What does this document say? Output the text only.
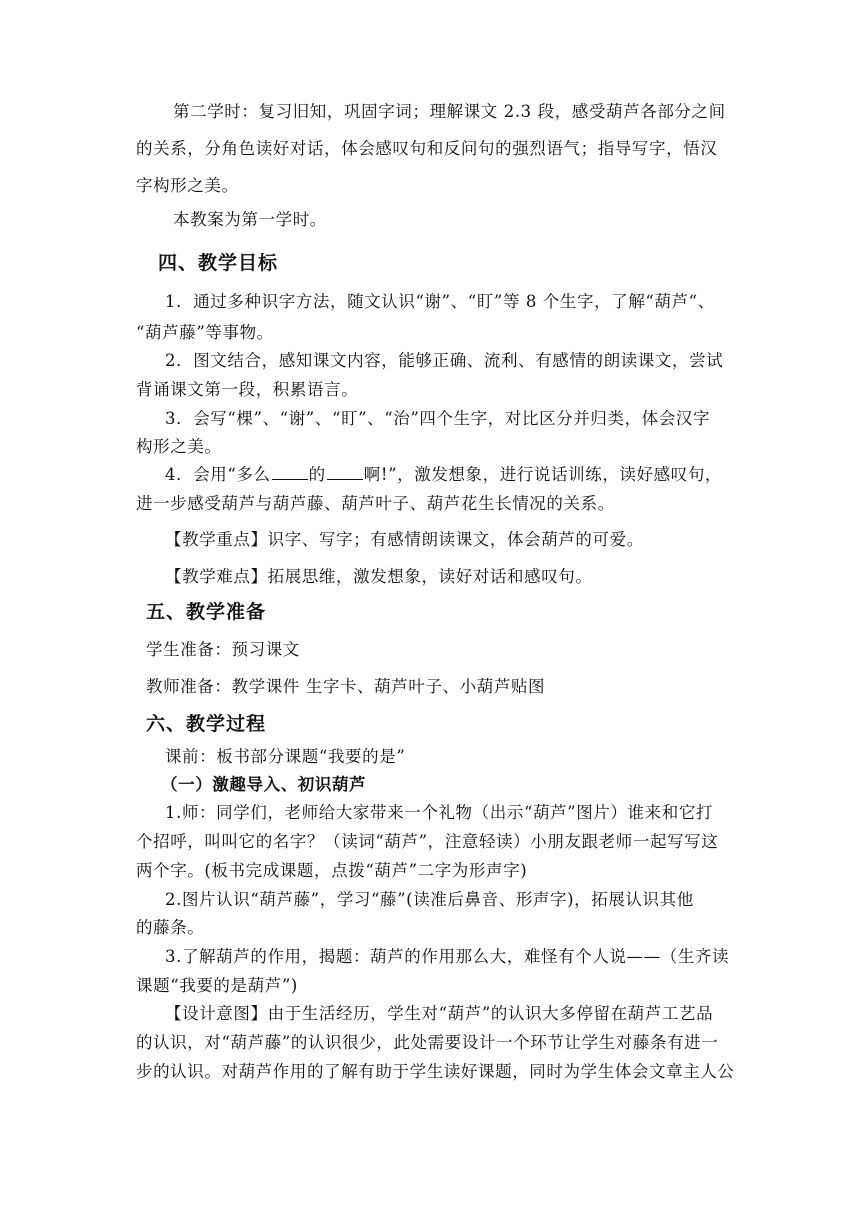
第二学时：复习旧知，巩固字词；理解课文 2.3 段，感受葫芦各部分之间
的关系，分角色读好对话，体会感叹句和反问句的强烈语气；指导写字，悟汉
字构形之美。
本教案为第一学时。
四、教学目标
1．通过多种识字方法，随文认识“谢”、“盯”等 8 个生字，了解“葫芦“、
“葫芦藤”等事物。
2．图文结合，感知课文内容，能够正确、流利、有感情的朗读课文，尝试
背诵课文第一段，积累语言。
3．会写“棵”、“谢”、“盯”、“治”四个生字，对比区分并归类，体会汉字
构形之美。
4．会用“多么 的 啊!”，激发想象，进行说话训练，读好感叹句，
进一步感受葫芦与葫芦藤、葫芦叶子、葫芦花生长情况的关系。
【教学重点】识字、写字；有感情朗读课文，体会葫芦的可爱。
【教学难点】拓展思维，激发想象，读好对话和感叹句。
五、教学准备
学生准备：预习课文
教师准备：教学课件 生字卡、葫芦叶子、小葫芦贴图
六、教学过程
课前：板书部分课题“我要的是”
（一）激趣导入、初识葫芦
1.师：同学们，老师给大家带来一个礼物（出示“葫芦”图片）谁来和它打
个招呼，叫叫它的名字？（读词“葫芦”，注意轻读）小朋友跟老师一起写写这
两个字。(板书完成课题，点拨“葫芦”二字为形声字)
2.图片认识“葫芦藤”，学习“藤”(读准后鼻音、形声字)，拓展认识其他
的藤条。
3.了解葫芦的作用，揭题：葫芦的作用那么大，难怪有个人说——（生齐读
课题“我要的是葫芦”)
【设计意图】由于生活经历，学生对“葫芦”的认识大多停留在葫芦工艺品
的认识，对“葫芦藤”的认识很少，此处需要设计一个环节让学生对藤条有进一
步的认识。对葫芦作用的了解有助于学生读好课题，同时为学生体会文章主人公
